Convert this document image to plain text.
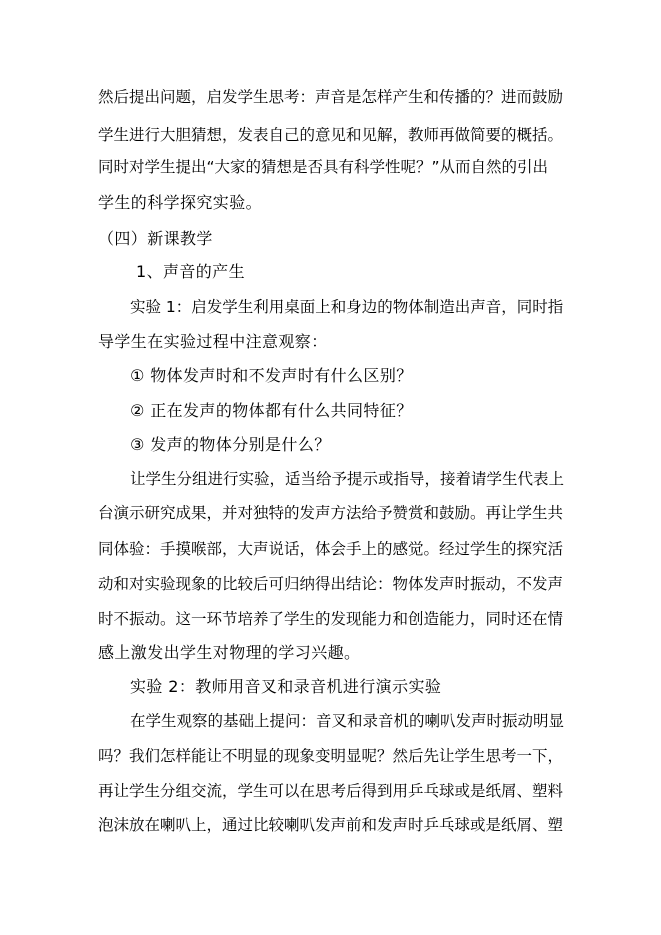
然后提出问题，启发学生思考：声音是怎样产生和传播的？进而鼓励
学生进行大胆猜想，发表自己的意见和见解，教师再做简要的概括。
同时对学生提出“大家的猜想是否具有科学性呢？”从而自然的引出
学生的科学探究实验。
（四）新课教学
1、声音的产生
实验 1：启发学生利用桌面上和身边的物体制造出声音，同时指
导学生在实验过程中注意观察：
① 物体发声时和不发声时有什么区别？
② 正在发声的物体都有什么共同特征？
③ 发声的物体分别是什么？
让学生分组进行实验，适当给予提示或指导，接着请学生代表上
台演示研究成果，并对独特的发声方法给予赞赏和鼓励。再让学生共
同体验：手摸喉部，大声说话，体会手上的感觉。经过学生的探究活
动和对实验现象的比较后可归纳得出结论：物体发声时振动，不发声
时不振动。这一环节培养了学生的发现能力和创造能力，同时还在情
感上激发出学生对物理的学习兴趣。
实验 2：教师用音叉和录音机进行演示实验
在学生观察的基础上提问：音叉和录音机的喇叭发声时振动明显
吗？我们怎样能让不明显的现象变明显呢？然后先让学生思考一下，
再让学生分组交流，学生可以在思考后得到用乒乓球或是纸屑、塑料
泡沫放在喇叭上，通过比较喇叭发声前和发声时乒乓球或是纸屑、塑
